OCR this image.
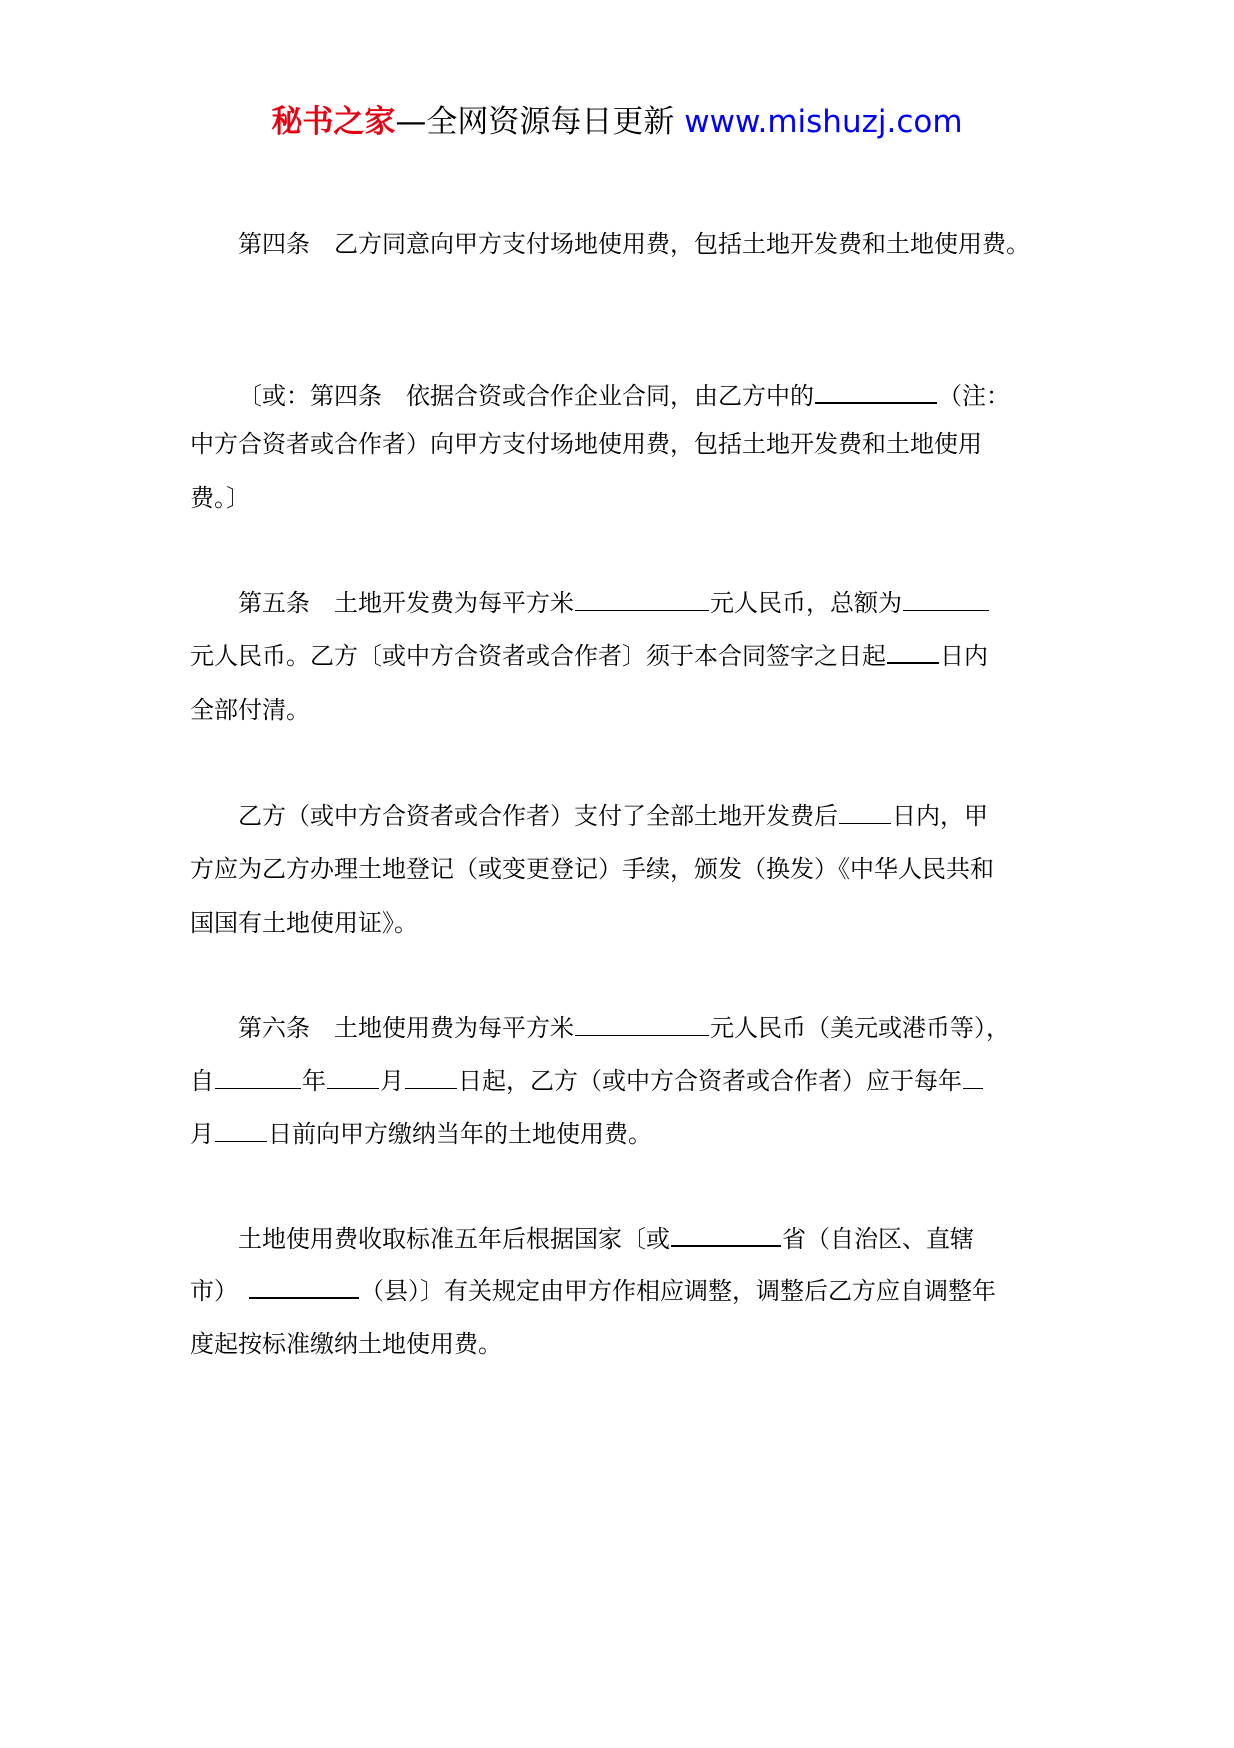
秘书之家—全网资源每日更新 www.mishuzj.com
第四条　乙方同意向甲方支付场地使用费，包括土地开发费和土地使用费。
〔或：第四条　依据合资或合作企业合同，由乙方中的	（注：
中方合资者或合作者）向甲方支付场地使用费，包括土地开发费和土地使用
费。〕
第五条　土地开发费为每平方米	元人民币，总额为
元人民币。乙方〔或中方合资者或合作者〕须于本合同签字之日起 日内
全部付清。
乙方（或中方合资者或合作者）支付了全部土地开发费后 日内，甲
方应为乙方办理土地登记（或变更登记）手续，颁发（换发）《中华人民共和
国国有土地使用证》。
第六条　土地使用费为每平方米	元人民币（美元或港币等），
自	年 月 日起，乙方（或中方合资者或合作者）应于每年
月 日前向甲方缴纳当年的土地使用费。
土地使用费收取标准五年后根据国家〔或	省（自治区、直辖
市）	（县）〕有关规定由甲方作相应调整，调整后乙方应自调整年
度起按标准缴纳土地使用费。
